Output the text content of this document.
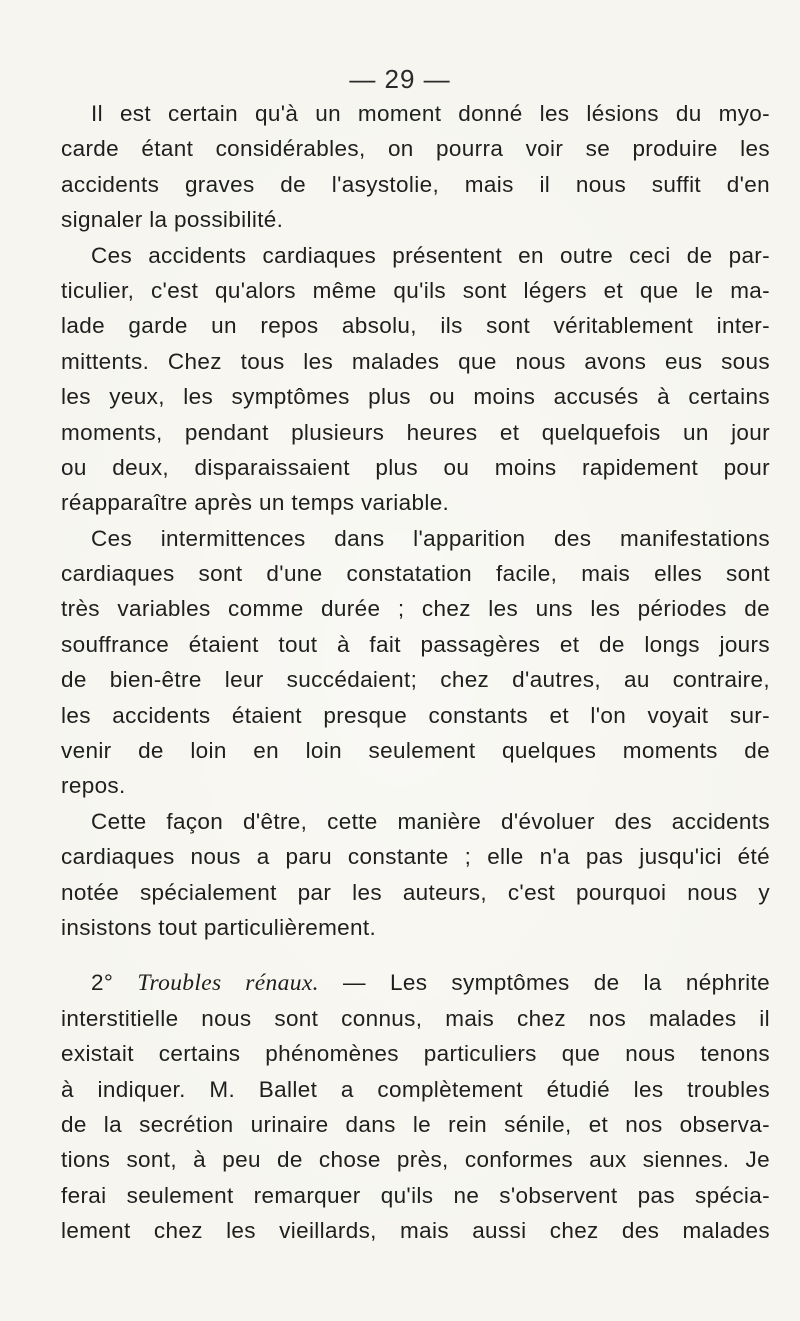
— 29 —
Il est certain qu'à un moment donné les lésions du myo-
carde étant considérables, on pourra voir se produire les
accidents graves de l'asystolie, mais il nous suffit d'en
signaler la possibilité.
Ces accidents cardiaques présentent en outre ceci de par-
ticulier, c'est qu'alors même qu'ils sont légers et que le ma-
lade garde un repos absolu, ils sont véritablement inter-
mittents. Chez tous les malades que nous avons eus sous
les yeux, les symptômes plus ou moins accusés à certains
moments, pendant plusieurs heures et quelquefois un jour
ou deux, disparaissaient plus ou moins rapidement pour
réapparaître après un temps variable.
Ces intermittences dans l'apparition des manifestations
cardiaques sont d'une constatation facile, mais elles sont
très variables comme durée ; chez les uns les périodes de
souffrance étaient tout à fait passagères et de longs jours
de bien-être leur succédaient; chez d'autres, au contraire,
les accidents étaient presque constants et l'on voyait sur-
venir de loin en loin seulement quelques moments de
repos.
Cette façon d'être, cette manière d'évoluer des accidents
cardiaques nous a paru constante ; elle n'a pas jusqu'ici été
notée spécialement par les auteurs, c'est pourquoi nous y
insistons tout particulièrement.
2° Troubles rénaux. — Les symptômes de la néphrite
interstitielle nous sont connus, mais chez nos malades il
existait certains phénomènes particuliers que nous tenons
à indiquer. M. Ballet a complètement étudié les troubles
de la secrétion urinaire dans le rein sénile, et nos observa-
tions sont, à peu de chose près, conformes aux siennes. Je
ferai seulement remarquer qu'ils ne s'observent pas spécia-
lement chez les vieillards, mais aussi chez des malades
